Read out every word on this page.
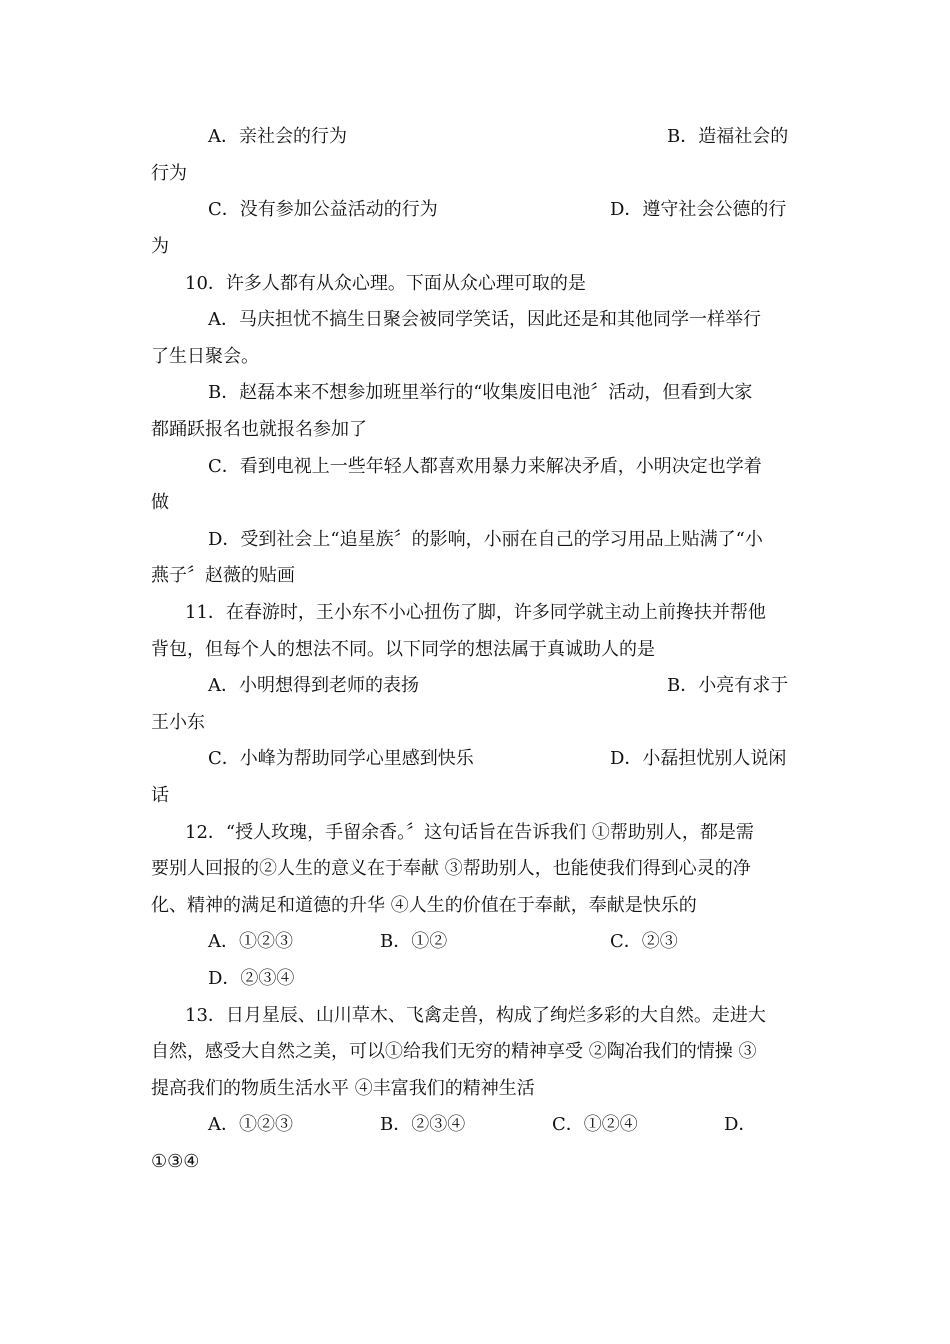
A．亲社会的行为	B．造福社会的
行为
C．没有参加公益活动的行为	D．遵守社会公德的行
为
10．许多人都有从众心理。下面从众心理可取的是
A．马庆担忧不搞生日聚会被同学笑话，因此还是和其他同学一样举行
了生日聚会。
B．赵磊本来不想参加班里举行的“收集废旧电池〞活动，但看到大家
都踊跃报名也就报名参加了
C．看到电视上一些年轻人都喜欢用暴力来解决矛盾，小明决定也学着
做
D．受到社会上“追星族〞的影响，小丽在自己的学习用品上贴满了“小
燕子〞赵薇的贴画
11．在春游时，王小东不小心扭伤了脚，许多同学就主动上前搀扶并帮他
背包，但每个人的想法不同。以下同学的想法属于真诚助人的是
A．小明想得到老师的表扬	B．小亮有求于
王小东
C．小峰为帮助同学心里感到快乐	D．小磊担忧别人说闲
话
12．“授人玫瑰，手留余香。〞这句话旨在告诉我们 ①帮助别人，都是需
要别人回报的②人生的意义在于奉献 ③帮助别人，也能使我们得到心灵的净
化、精神的满足和道德的升华 ④人生的价值在于奉献，奉献是快乐的
A．①②③	B．①②	C．②③
D．②③④
13．日月星辰、山川草木、飞禽走兽，构成了绚烂多彩的大自然。走进大
自然，感受大自然之美，可以①给我们无穷的精神享受 ②陶冶我们的情操 ③
提高我们的物质生活水平 ④丰富我们的精神生活
A．①②③	B．②③④	C．①②④	D．
①③④
